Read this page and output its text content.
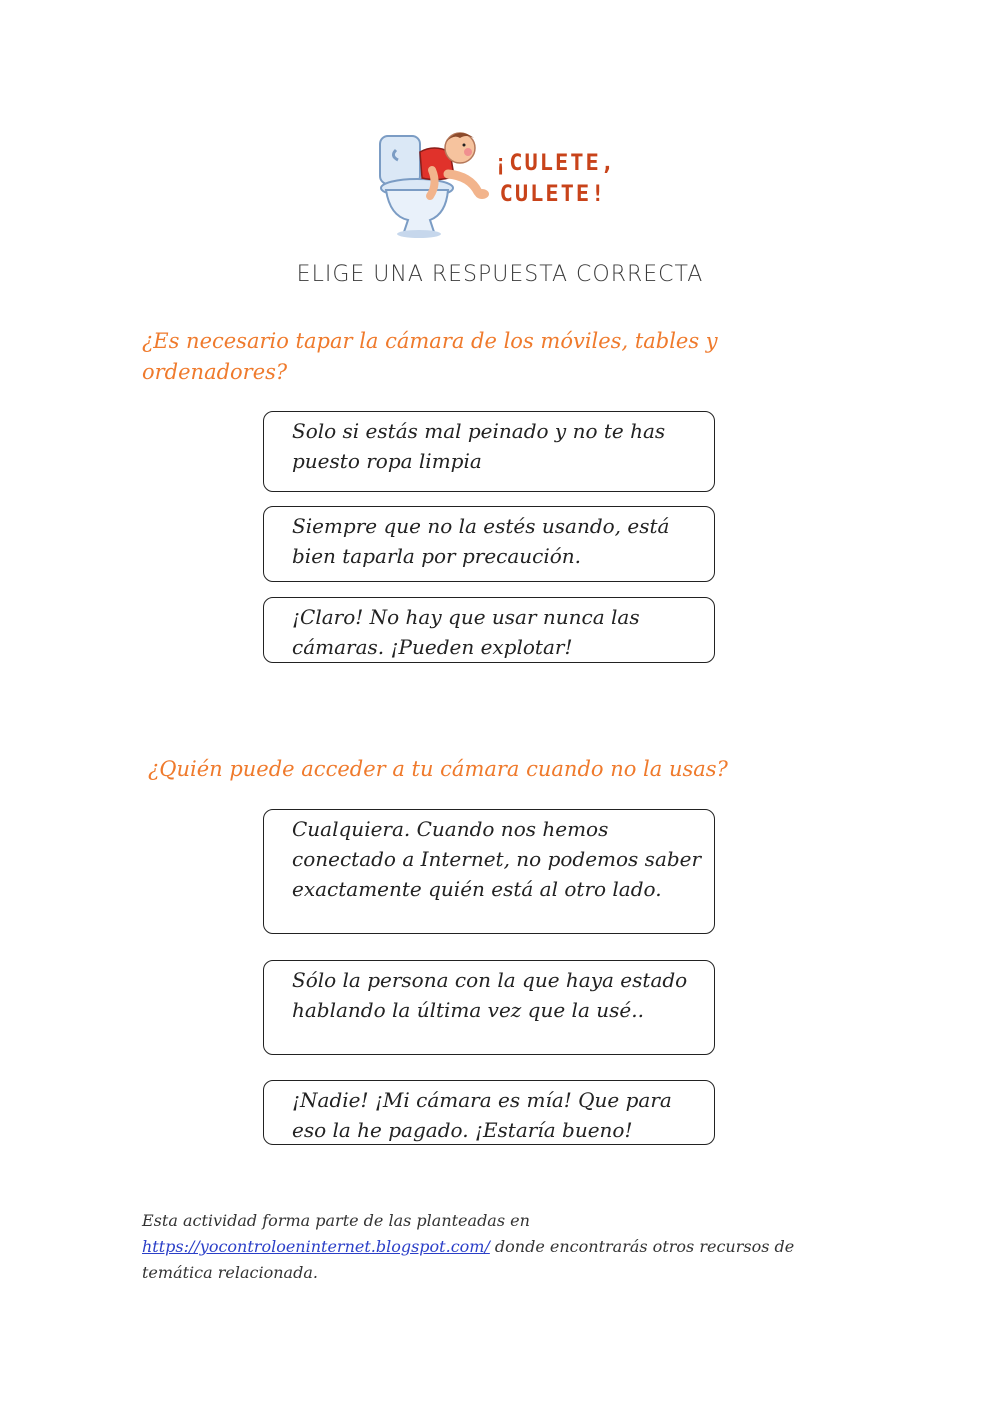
¡CULETE,
CULETE!
ELIGE UNA RESPUESTA CORRECTA
¿Es necesario tapar la cámara de los móviles, tables y ordenadores?
Solo si estás mal peinado y no te has puesto ropa limpia
Siempre que no la estés usando, está bien taparla por precaución.
¡Claro! No hay que usar nunca las cámaras. ¡Pueden explotar!
¿Quién puede acceder a tu cámara cuando no la usas?
Cualquiera. Cuando nos hemos conectado a Internet, no podemos saber exactamente quién está al otro lado.
Sólo la persona con la que haya estado hablando la última vez que la usé..
¡Nadie! ¡Mi cámara es mía! Que para eso la he pagado. ¡Estaría bueno!
Esta actividad forma parte de las planteadas en https://yocontroloeninternet.blogspot.com/ donde encontrarás otros recursos de temática relacionada.
